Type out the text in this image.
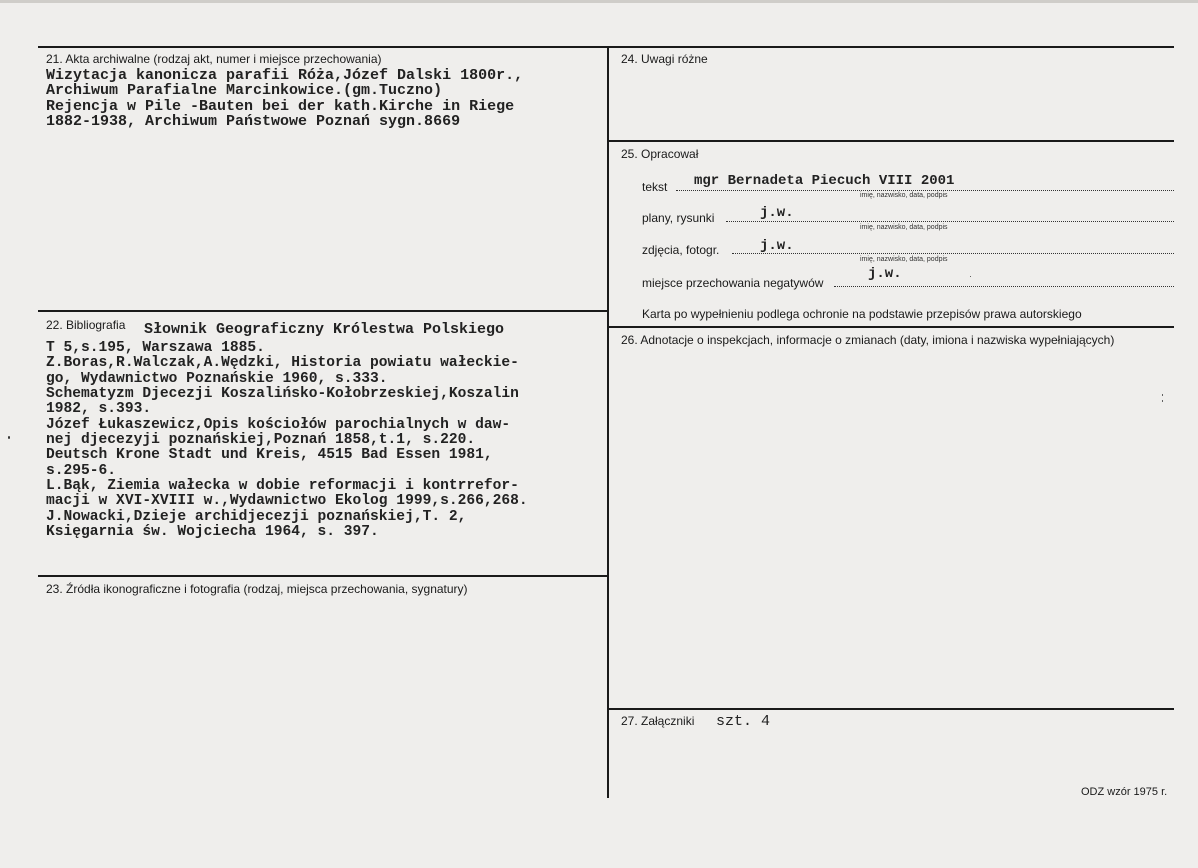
21. Akta archiwalne (rodzaj akt, numer i miejsce przechowania)
Wizytacja kanonicza parafii Róża,Józef Dalski 1800r.,
Archiwum Parafialne Marcinkowice.(gm.Tuczno)
Rejencja w Pile -Bauten bei der kath.Kirche in Riege
1882-1938, Archiwum Państwowe Poznań sygn.8669
22. Bibliografia Słownik Geograficzny Królestwa Polskiego
T 5,s.195, Warszawa 1885.
Z.Boras,R.Walczak,A.Wędzki, Historia powiatu wałeckie-
go, Wydawnictwo Poznańskie 1960, s.333.
Schematyzm Djecezji Koszalińsko-Kołobrzeskiej,Koszalin
1982, s.393.
Józef Łukaszewicz,Opis kościołów parochialnych w daw-
nej djecezyji poznańskiej,Poznań 1858,t.1, s.220.
Deutsch Krone Stadt und Kreis, 4515 Bad Essen 1981,
s.295-6.
L.Bąk, Ziemia wałecka w dobie reformacji i kontrrefor-
macji w XVI-XVIII w.,Wydawnictwo Ekolog 1999,s.266,268.
J.Nowacki,Dzieje archidjecezji poznańskiej,T. 2,
Księgarnia św. Wojciecha 1964, s. 397.
23. Źródła ikonograficzne i fotografia (rodzaj, miejsca przechowania, sygnatury)
24. Uwagi różne
25. Opracował
tekst mgr Bernadeta Piecuch VIII 2001
imię, nazwisko, data, podpis
plany, rysunki	j.w.
imię, nazwisko, data, podpis
zdjęcia, fotogr.	j.w.
imię, nazwisko, data, podpis
miejsce przechowania negatywów
j.w.
Karta po wypełnieniu podlega ochronie na podstawie przepisów prawa autorskiego
26. Adnotacje o inspekcjach, informacje o zmianach (daty, imiona i nazwiska wypełniających)
27. Załączniki szt. 4
ODZ wzór 1975 r.
